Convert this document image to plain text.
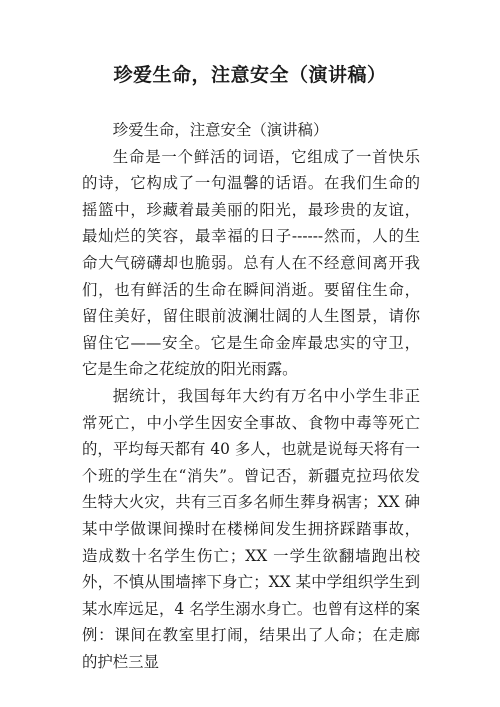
珍爱生命，注意安全（演讲稿）

珍爱生命，注意安全（演讲稿）

生命是一个鲜活的词语，它组成了一首快乐的诗，它构成了一句温馨的话语。在我们生命的摇篮中，珍藏着最美丽的阳光，最珍贵的友谊，最灿烂的笑容，最幸福的日子------然而，人的生命大气磅礴却也脆弱。总有人在不经意间离开我们，也有鲜活的生命在瞬间消逝。要留住生命，留住美好，留住眼前波澜壮阔的人生图景，请你留住它——安全。它是生命金库最忠实的守卫，它是生命之花绽放的阳光雨露。

据统计，我国每年大约有万名中小学生非正常死亡，中小学生因安全事故、食物中毒等死亡的，平均每天都有 40 多人，也就是说每天将有一个班的学生在“消失”。曾记否，新疆克拉玛依发生特大火灾，共有三百多名师生葬身祸害；XX 砷某中学做课间操时在楼梯间发生拥挤踩踏事故，造成数十名学生伤亡；XX 一学生欲翻墙跑出校外，不慎从围墙摔下身亡；XX 某中学组织学生到某水库远足，4 名学生溺水身亡。也曾有这样的案例：课间在教室里打闹，结果出了人命；在走廊的护栏三显
